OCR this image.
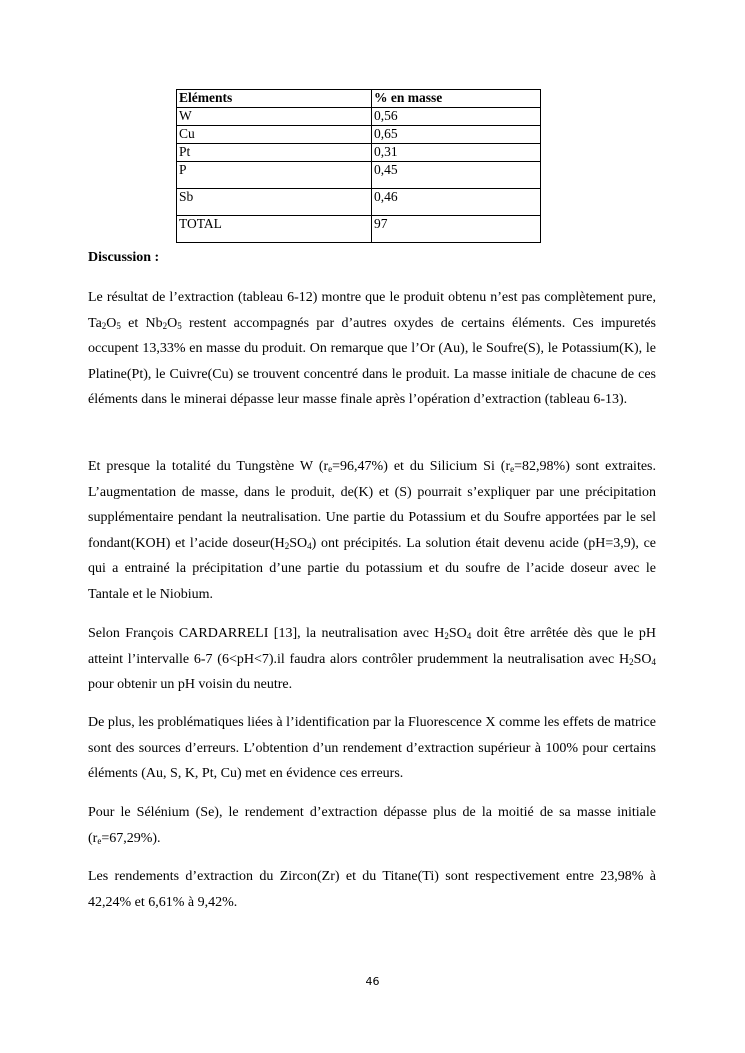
Eléments	% en masse
W	0,56
Cu	0,65
Pt	0,31
P	0,45
Sb	0,46
TOTAL	97
Discussion :

Le résultat de l’extraction (tableau 6-12) montre que le produit obtenu n’est pas complètement pure, $Ta_2O_5$ et $Nb_2O_5$ restent accompagnés par d’autres oxydes de certains éléments. Ces impuretés occupent 13,33% en masse du produit. On remarque que l’Or (Au), le Soufre(S), le Potassium(K), le Platine(Pt), le Cuivre(Cu) se trouvent concentré dans le produit. La masse initiale de chacune de ces éléments dans le minerai dépasse leur masse finale après l’opération d’extraction (tableau 6-13).

Et presque la totalité du Tungstène W $(r_e=96,47\%)$ et du Silicium Si $(r_e=82,98\%)$ sont extraites. L’augmentation de masse, dans le produit, de(K) et (S) pourrait s’expliquer par une précipitation supplémentaire pendant la neutralisation. Une partie du Potassium et du Soufre apportées par le sel fondant(KOH) et l’acide $doseur(H_2SO_4)$ ont précipités. La solution était devenu acide (pH=3,9), ce qui a entrainé la précipitation d’une partie du potassium et du soufre de l’acide doseur avec le Tantale et le Niobium.

Selon François CARDARRELI [13], la neutralisation avec $H_2SO_4$ doit être arrêtée dès que le pH atteint l’intervalle 6-7 (6<pH<7).il faudra alors contrôler prudemment la neutralisation avec $H_2SO_4$ pour obtenir un pH voisin du neutre.

De plus, les problématiques liées à l’identification par la Fluorescence X comme les effets de matrice sont des sources d’erreurs. L’obtention d’un rendement d’extraction supérieur à 100% pour certains éléments (Au, S, K, Pt, Cu) met en évidence ces erreurs.

Pour le Sélénium (Se), le rendement d’extraction dépasse plus de la moitié de sa masse initiale $(r_e=67,29\%)$.

Les rendements d’extraction du Zircon(Zr) et du Titane(Ti) sont respectivement entre 23,98% à 42,24% et 6,61% à 9,42%.

46
